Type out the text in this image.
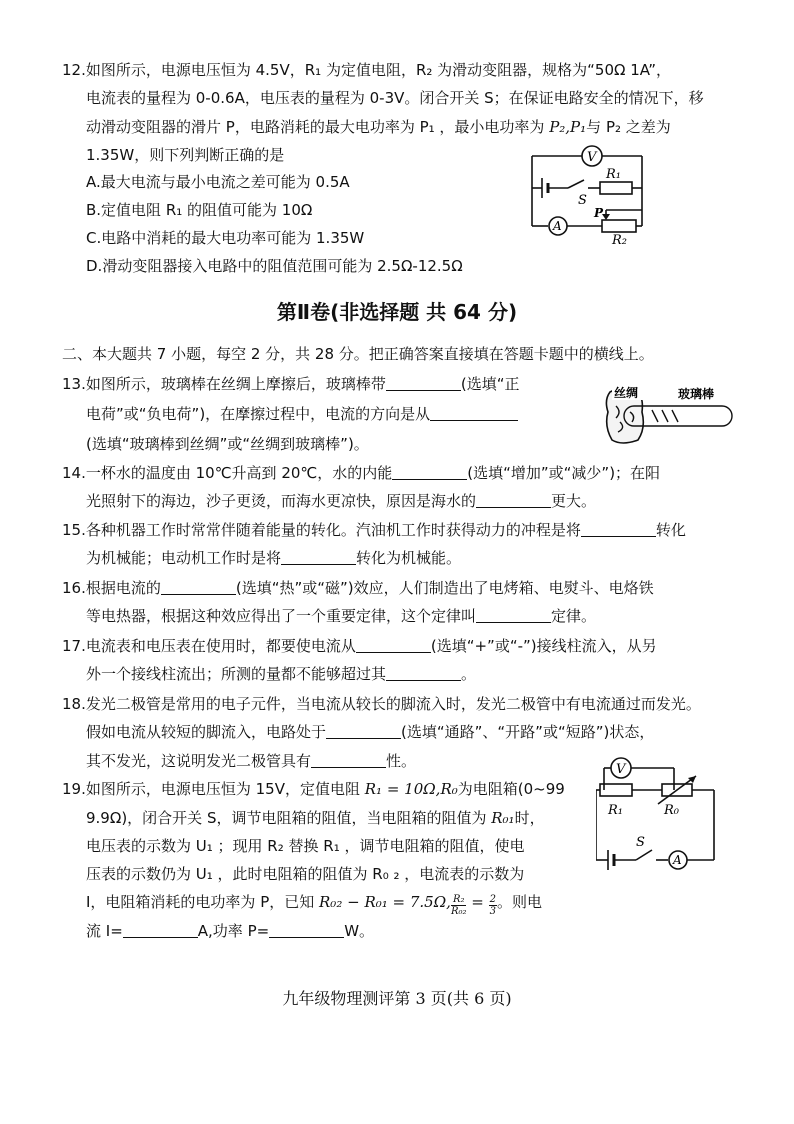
12.如图所示，电源电压恒为 4.5V，R₁ 为定值电阻，R₂ 为滑动变阻器，规格为“50Ω 1A”，
电流表的量程为 0-0.6A，电压表的量程为 0-3V。闭合开关 S；在保证电路安全的情况下，移
动滑动变阻器的滑片 P，电路消耗的最大电功率为 P₁ ，最小电功率为 P₂,P₁与 P₂ 之差为
1.35W，则下列判断正确的是
A.最大电流与最小电流之差可能为 0.5A
B.定值电阻 R₁ 的阻值可能为 10Ω
C.电路中消耗的最大电功率可能为 1.35W
D.滑动变阻器接入电路中的阻值范围可能为 2.5Ω-12.5Ω
V
A
R₁
S
P
R₂
第Ⅱ卷(非选择题 共 64 分)
二、本大题共 7 小题，每空 2 分，共 28 分。把正确答案直接填在答题卡题中的横线上。
13.如图所示，玻璃棒在丝绸上摩擦后，玻璃棒带	(选填“正
电荷”或“负电荷”)，在摩擦过程中，电流的方向是从
(选填“玻璃棒到丝绸”或“丝绸到玻璃棒”)。
丝绸	玻璃棒
14.一杯水的温度由 10℃升高到 20℃，水的内能	(选填“增加”或“减少”)；在阳
光照射下的海边，沙子更烫，而海水更凉快，原因是海水的	更大。
15.各种机器工作时常常伴随着能量的转化。汽油机工作时获得动力的冲程是将	转化
为机械能；电动机工作时是将	转化为机械能。
16.根据电流的	(选填“热”或“磁”)效应，人们制造出了电烤箱、电熨斗、电烙铁
等电热器，根据这种效应得出了一个重要定律，这个定律叫	定律。
17.电流表和电压表在使用时，都要使电流从	(选填“+”或“-”)接线柱流入，从另
外一个接线柱流出；所测的量都不能够超过其	。
18.发光二极管是常用的电子元件，当电流从较长的脚流入时，发光二极管中有电流通过而发光。
假如电流从较短的脚流入，电路处于	(选填“通路”、“开路”或“短路”)状态，
其不发光，这说明发光二极管具有	性。
19.如图所示，电源电压恒为 15V，定值电阻 R₁ = 10Ω,R₀为电阻箱(0~99
9.9Ω)，闭合开关 S，调节电阻箱的阻值，当电阻箱的阻值为 R₀₁时，
电压表的示数为 U₁ ；现用 R₂ 替换 R₁ ，调节电阻箱的阻值，使电
压表的示数仍为 U₁ ，此时电阻箱的阻值为 R₀ ₂ ，电流表的示数为
I，电阻箱消耗的电功率为 P，已知 R₀₂ − R₀₁ = 7.5Ω, $\frac{\text{R₂}}{\text{R₀₂}} = \frac{2}{3}$ 。则电
流 I=	A,功率 P=	W。
V
A
R₁	R₀
S
九年级物理测评第 3 页(共 6 页)
